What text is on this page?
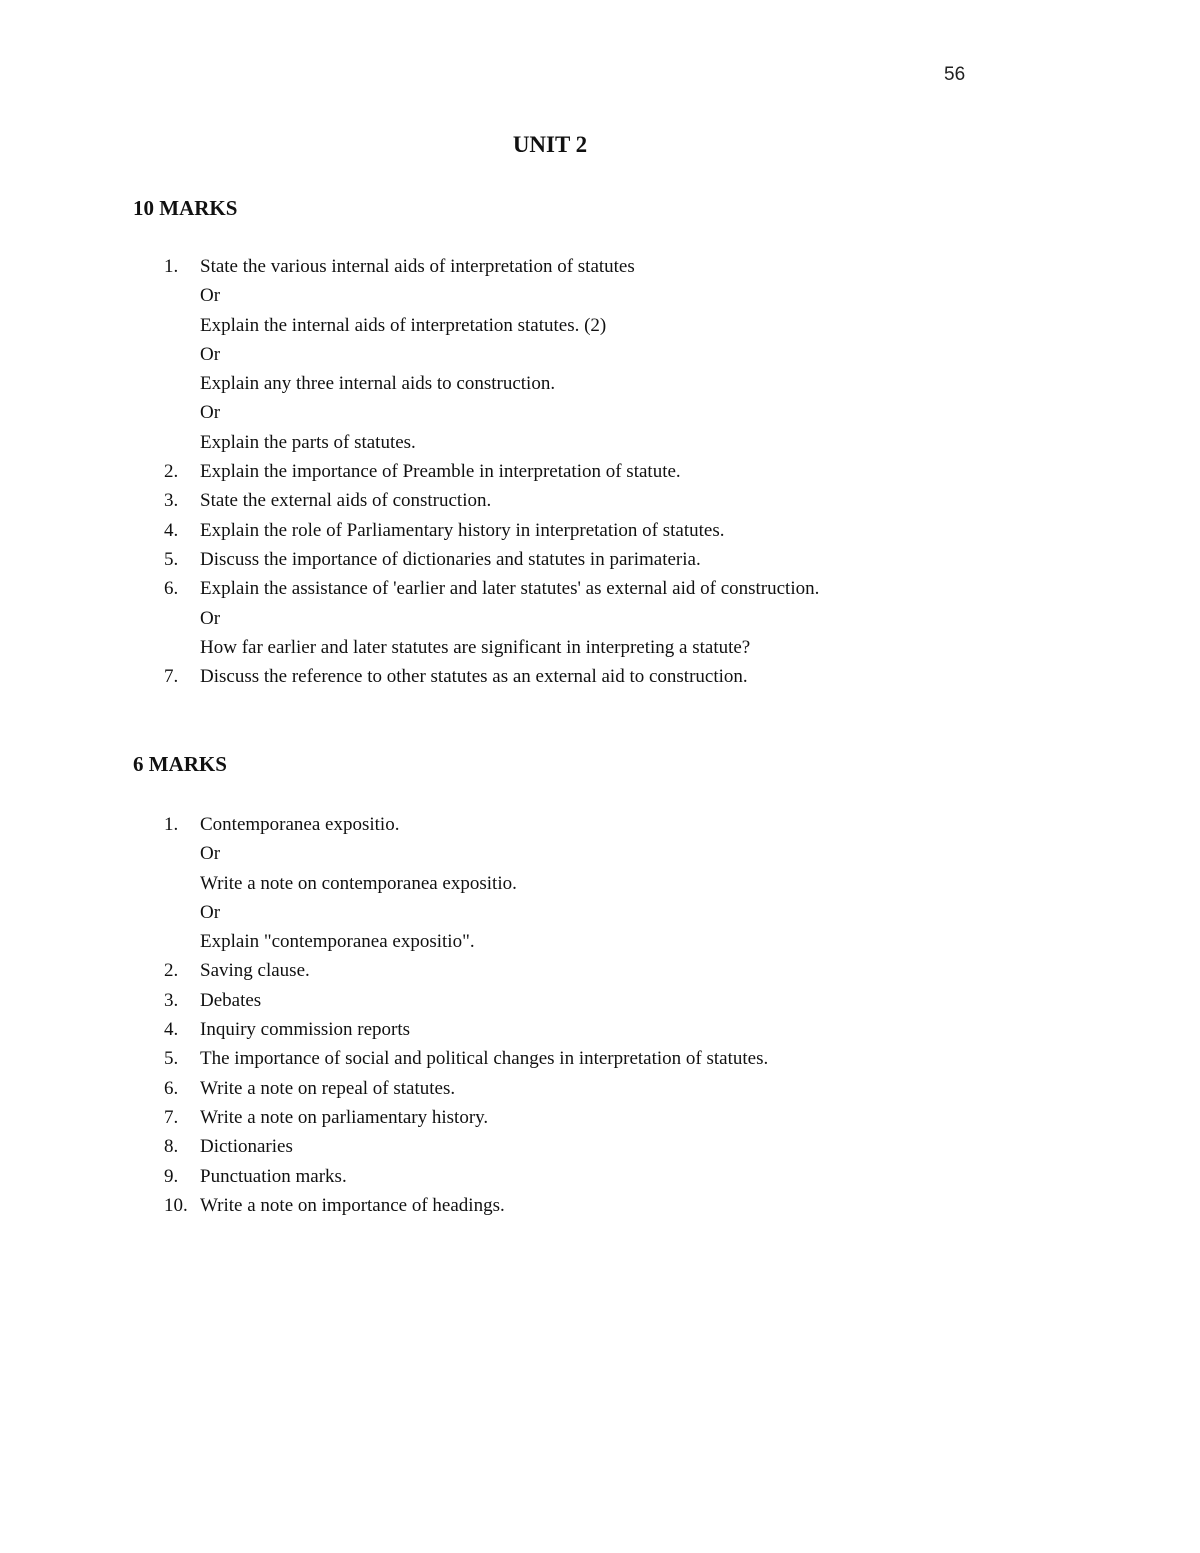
56
UNIT 2
10 MARKS
1.	State the various internal aids of interpretation of statutes
Or
Explain the internal aids of interpretation statutes. (2)
Or
Explain any three internal aids to construction.
Or
Explain the parts of statutes.
2.	Explain the importance of Preamble in interpretation of statute.
3.	State the external aids of construction.
4.	Explain the role of Parliamentary history in interpretation of statutes.
5.	Discuss the importance of dictionaries and statutes in parimateria.
6.	Explain the assistance of 'earlier and later statutes' as external aid of construction.
Or
How far earlier and later statutes are significant in interpreting a statute?
7.	Discuss the reference to other statutes as an external aid to construction.
6 MARKS
1.	Contemporanea expositio.
Or
Write a note on contemporanea expositio.
Or
Explain "contemporanea expositio".
2.	Saving clause.
3.	Debates
4.	Inquiry commission reports
5.	The importance of social and political changes in interpretation of statutes.
6.	Write a note on repeal of statutes.
7.	Write a note on parliamentary history.
8.	Dictionaries
9.	Punctuation marks.
10. Write a note on importance of headings.
